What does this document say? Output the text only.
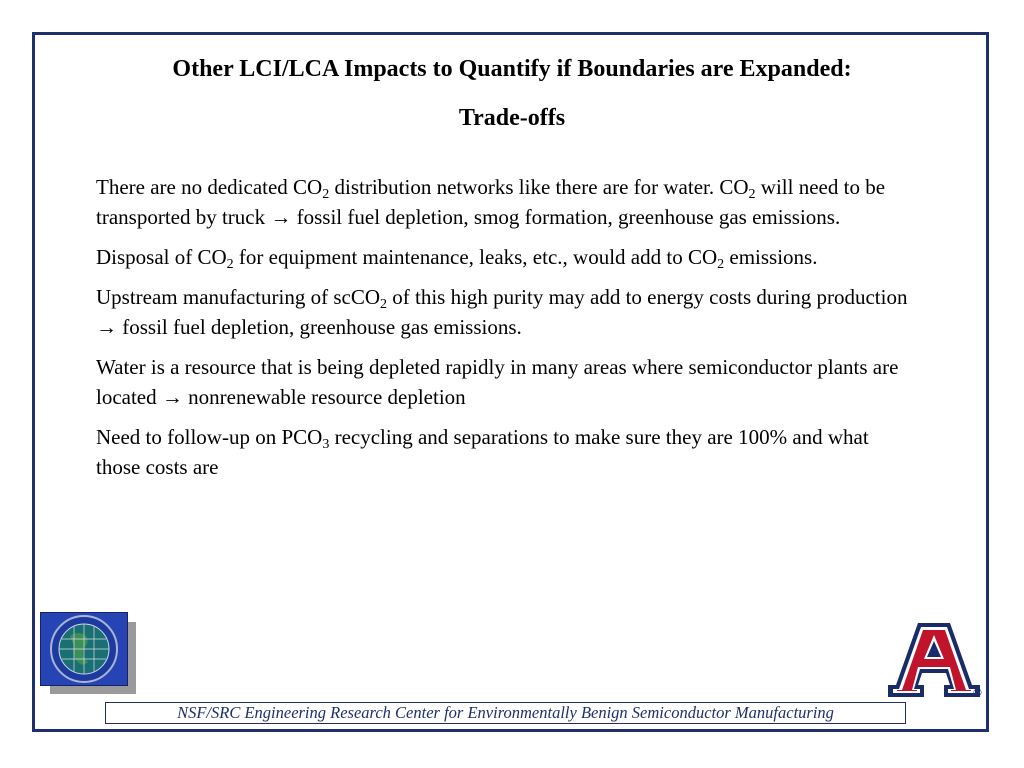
Other LCI/LCA Impacts to Quantify if Boundaries are Expanded:
Trade-offs

There are no dedicated $CO_2$ distribution networks like there are for water. $CO_2$ will need to be transported by truck → fossil fuel depletion, smog formation, greenhouse gas emissions.

Disposal of $CO_2$ for equipment maintenance, leaks, etc., would add to $CO_2$ emissions.

Upstream manufacturing of scCO$_2$ of this high purity may add to energy costs during production → fossil fuel depletion, greenhouse gas emissions.

Water is a resource that is being depleted rapidly in many areas where semiconductor plants are located → nonrenewable resource depletion

Need to follow-up on $PCO_3$ recycling and separations to make sure they are 100% and what those costs are

®
NSF/SRC Engineering Research Center for Environmentally Benign Semiconductor Manufacturing
